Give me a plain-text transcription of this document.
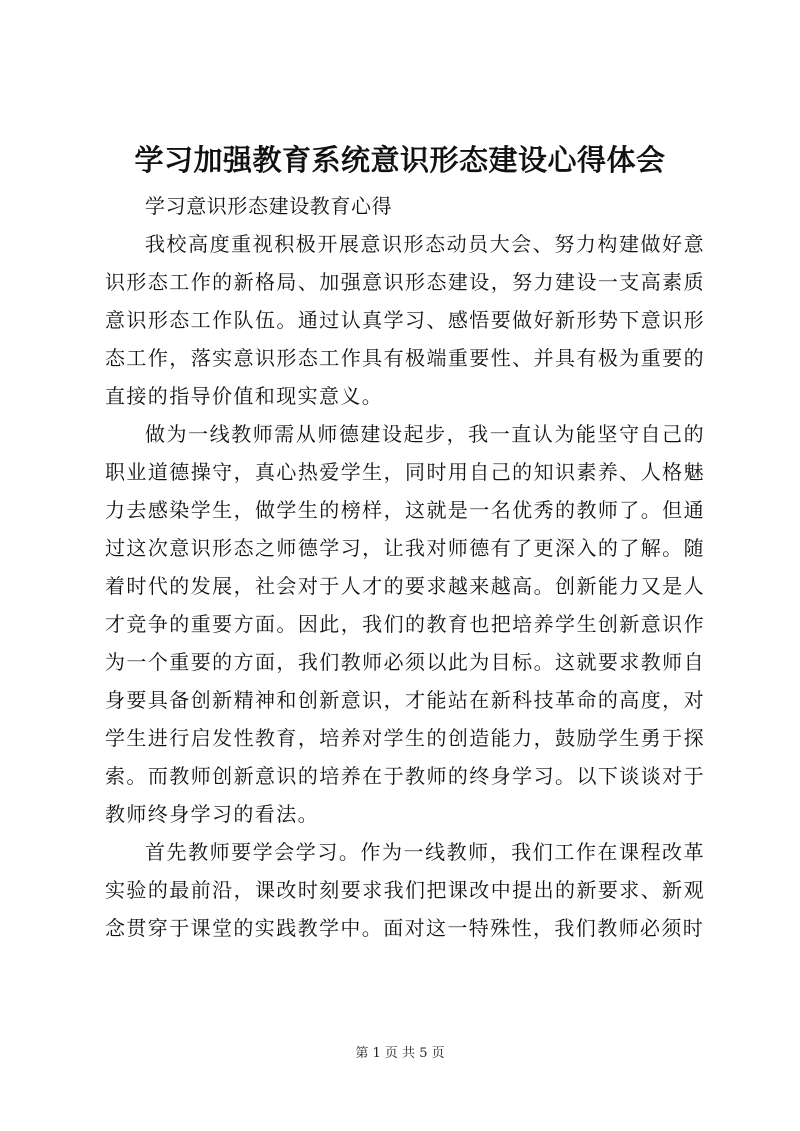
学习加强教育系统意识形态建设心得体会

学习意识形态建设教育心得

我校高度重视积极开展意识形态动员大会、努力构建做好意识形态工作的新格局、加强意识形态建设，努力建设一支高素质意识形态工作队伍。通过认真学习、感悟要做好新形势下意识形态工作，落实意识形态工作具有极端重要性、并具有极为重要的直接的指导价值和现实意义。

做为一线教师需从师德建设起步，我一直认为能坚守自己的职业道德操守，真心热爱学生，同时用自己的知识素养、人格魅力去感染学生，做学生的榜样，这就是一名优秀的教师了。但通过这次意识形态之师德学习，让我对师德有了更深入的了解。随着时代的发展，社会对于人才的要求越来越高。创新能力又是人才竞争的重要方面。因此，我们的教育也把培养学生创新意识作为一个重要的方面，我们教师必须以此为目标。这就要求教师自身要具备创新精神和创新意识，才能站在新科技革命的高度，对学生进行启发性教育，培养对学生的创造能力，鼓励学生勇于探索。而教师创新意识的培养在于教师的终身学习。以下谈谈对于教师终身学习的看法。

首先教师要学会学习。作为一线教师，我们工作在课程改革实验的最前沿，课改时刻要求我们把课改中提出的新要求、新观念贯穿于课堂的实践教学中。面对这一特殊性，我们教师必须时

第 1 页 共 5 页
